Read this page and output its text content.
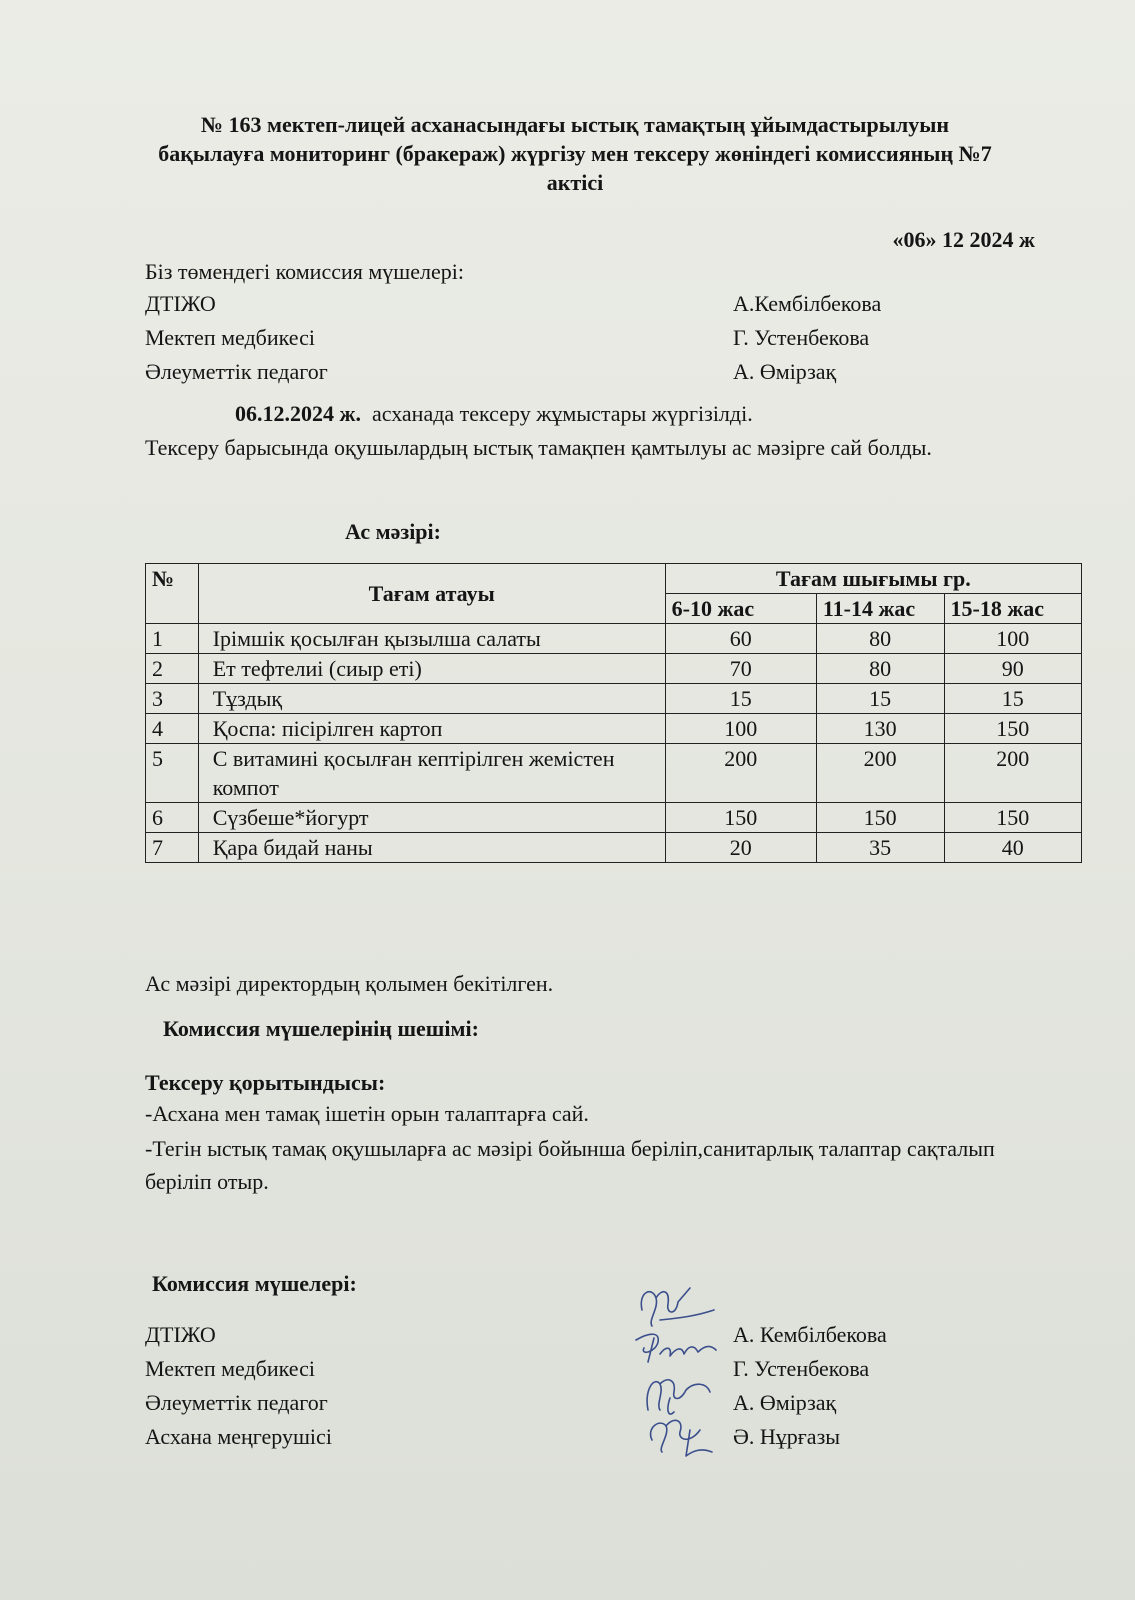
№ 163 мектеп-лицей асханасындағы ыстық тамақтың ұйымдастырылуын бақылауға мониторинг (бракераж) жүргізу мен тексеру жөніндегі комиссияның №7 актісі
«06» 12 2024 ж
Біз төмендегі комиссия мүшелері:
ДТІЖО	А.Кембілбекова
Мектеп медбикесі	Г. Устенбекова
Әлеуметтік педагог	А. Өмірзақ
06.12.2024 ж. асханада тексеру жұмыстары жүргізілді.
Тексеру барысында оқушылардың ыстық тамақпен қамтылуы ас мәзірге сай болды.
Ас мәзірі:
№	Тағам атауы	Тағам шығымы гр.		
		6-10 жас	11-14 жас	15-18 жас
1	Ірімшік қосылған қызылша салаты	60	80	100
2	Ет тефтелиі (сиыр еті)	70	80	90
3	Тұздық	15	15	15
4	Қоспа: пісірілген картоп	100	130	150
5	С витамині қосылған кептірілген жемістен компот	200	200	200
6	Сүзбеше*йогурт	150	150	150
7	Қара бидай наны	20	35	40
Ас мәзірі директордың қолымен бекітілген.
Комиссия мүшелерінің шешімі:
Тексеру қорытындысы:
-Асхана мен тамақ ішетін орын талаптарға сай.
-Тегін ыстық тамақ оқушыларға ас мәзірі бойынша беріліп,санитарлық талаптар сақталып беріліп отыр.
Комиссия мүшелері:
ДТІЖО	А. Кембілбекова
Мектеп медбикесі	Г. Устенбекова
Әлеуметтік педагог	А. Өмірзақ
Асхана меңгерушісі	Ә. Нұрғазы
